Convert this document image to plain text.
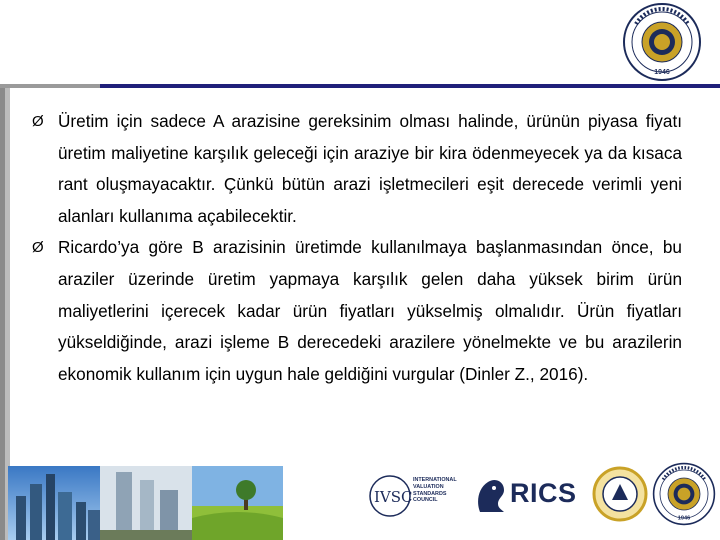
1946
Ø Üretim için sadece A arazisine gereksinim olması halinde, ürünün piyasa fiyatı üretim maliyetine karşılık geleceği için araziye bir kira ödenmeyecek ya da kısaca rant oluşmayacaktır. Çünkü bütün arazi işletmecileri eşit derecede verimli yeni alanları kullanıma açabilecektir.
Ø Ricardo’ya göre B arazisinin üretimde kullanılmaya başlanmasından önce, bu araziler üzerinde üretim yapmaya karşılık gelen daha yüksek birim ürün maliyetlerini içerecek kadar ürün fiyatları yükselmiş olmalıdır. Ürün fiyatları yükseldiğinde, arazi işleme B derecedeki arazilere yönelmekte ve bu arazilerin ekonomik kullanım için uygun hale geldiğini vurgular (Dinler Z., 2016).
IVSC
INTERNATIONAL VALUATION STANDARDS COUNCIL	RICS
1946
